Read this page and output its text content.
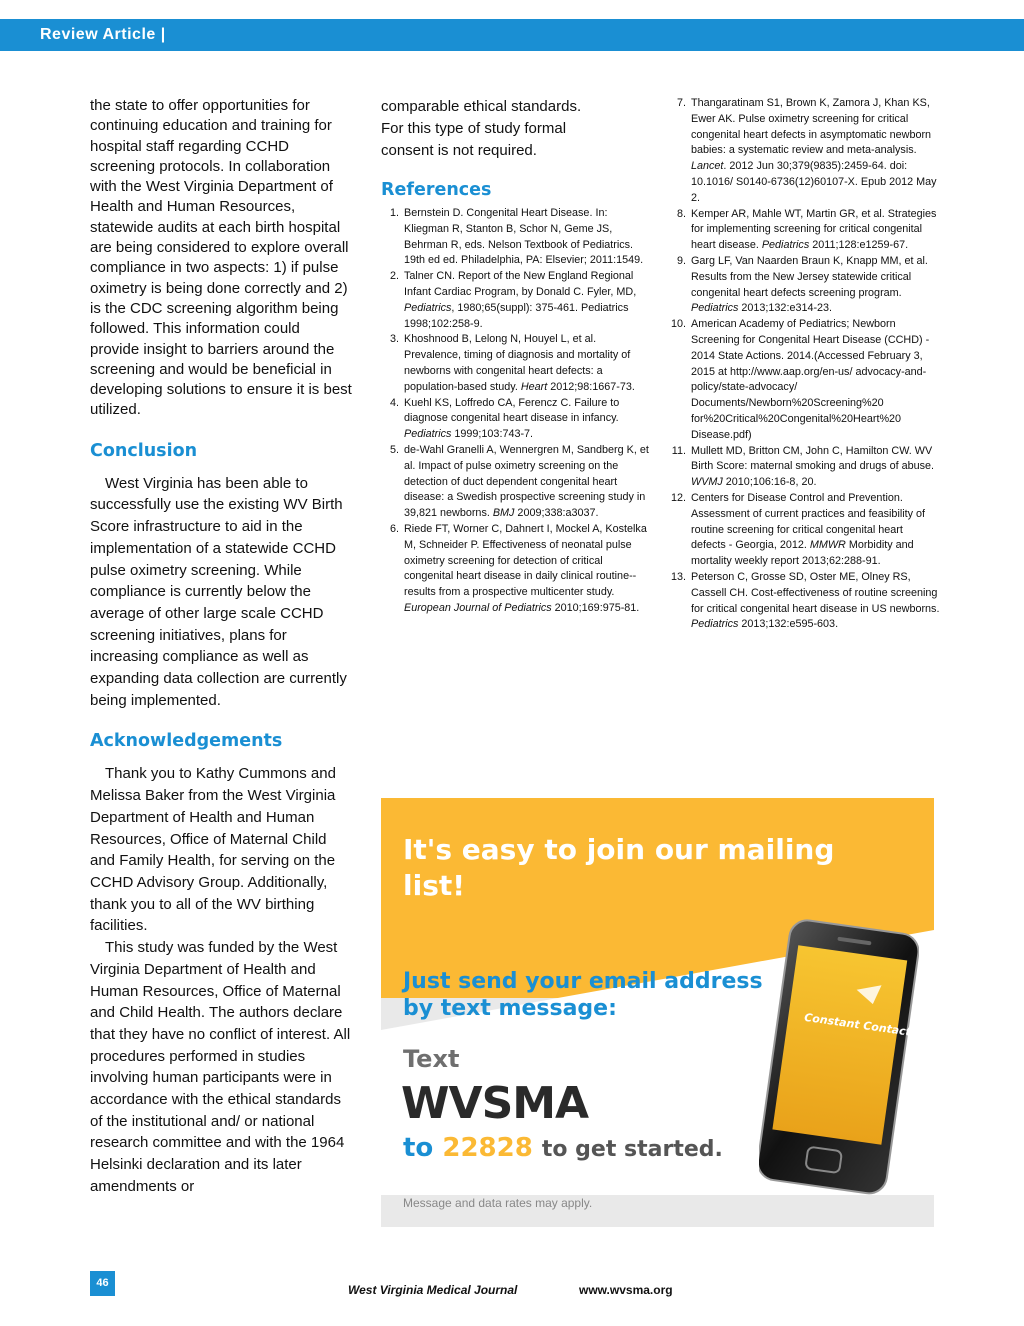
Review Article |

the state to offer opportunities for continuing education and training for hospital staff regarding CCHD screening protocols. In collaboration with the West Virginia Department of Health and Human Resources, statewide audits at each birth hospital are being considered to explore overall compliance in two aspects: 1) if pulse oximetry is being done correctly and 2) is the CDC screening algorithm being followed. This information could provide insight to barriers around the screening and would be beneficial in developing solutions to ensure it is best utilized.

Conclusion

West Virginia has been able to successfully use the existing WV Birth Score infrastructure to aid in the implementation of a statewide CCHD pulse oximetry screening. While compliance is currently below the average of other large scale CCHD screening initiatives, plans for increasing compliance as well as expanding data collection are currently being implemented.

Acknowledgements

Thank you to Kathy Cummons and Melissa Baker from the West Virginia Department of Health and Human Resources, Office of Maternal Child and Family Health, for serving on the CCHD Advisory Group. Additionally, thank you to all of the WV birthing facilities.

This study was funded by the West Virginia Department of Health and Human Resources, Office of Maternal and Child Health. The authors declare that they have no conflict of interest. All procedures performed in studies involving human participants were in accordance with the ethical standards of the institutional and/ or national research committee and with the 1964 Helsinki declaration and its later amendments or

comparable ethical standards. For this type of study formal consent is not required.

References
1. Bernstein D. Congenital Heart Disease. In: Kliegman R, Stanton B, Schor N, Geme JS, Behrman R, eds. Nelson Textbook of Pediatrics. 19th ed ed. Philadelphia, PA: Elsevier; 2011:1549.
2. Talner CN. Report of the New England Regional Infant Cardiac Program, by Donald C. Fyler, MD, Pediatrics, 1980;65(suppl): 375-461. Pediatrics 1998;102:258-9.
3. Khoshnood B, Lelong N, Houyel L, et al. Prevalence, timing of diagnosis and mortality of newborns with congenital heart defects: a population-based study. Heart 2012;98:1667-73.
4. Kuehl KS, Loffredo CA, Ferencz C. Failure to diagnose congenital heart disease in infancy. Pediatrics 1999;103:743-7.
5. de-Wahl Granelli A, Wennergren M, Sandberg K, et al. Impact of pulse oximetry screening on the detection of duct dependent congenital heart disease: a Swedish prospective screening study in 39,821 newborns. BMJ 2009;338:a3037.
6. Riede FT, Worner C, Dahnert I, Mockel A, Kostelka M, Schneider P. Effectiveness of neonatal pulse oximetry screening for detection of critical congenital heart disease in daily clinical routine--results from a prospective multicenter study. European Journal of Pediatrics 2010;169:975-81.
7. Thangaratinam S1, Brown K, Zamora J, Khan KS, Ewer AK. Pulse oximetry screening for critical congenital heart defects in asymptomatic newborn babies: a systematic review and meta-analysis. Lancet. 2012 Jun 30;379(9835):2459-64. doi: 10.1016/ S0140-6736(12)60107-X. Epub 2012 May 2.
8. Kemper AR, Mahle WT, Martin GR, et al. Strategies for implementing screening for critical congenital heart disease. Pediatrics 2011;128:e1259-67.
9. Garg LF, Van Naarden Braun K, Knapp MM, et al. Results from the New Jersey statewide critical congenital heart defects screening program. Pediatrics 2013;132:e314-23.
10. American Academy of Pediatrics; Newborn Screening for Congenital Heart Disease (CCHD) - 2014 State Actions. 2014.(Accessed February 3, 2015 at http://www.aap.org/en-us/ advocacy-and-policy/state-advocacy/ Documents/Newborn%20Screening%20 for%20Critical%20Congenital%20Heart%20 Disease.pdf)
11. Mullett MD, Britton CM, John C, Hamilton CW. WV Birth Score: maternal smoking and drugs of abuse. WVMJ 2010;106:16-8, 20.
12. Centers for Disease Control and Prevention. Assessment of current practices and feasibility of routine screening for critical congenital heart defects - Georgia, 2012. MMWR Morbidity and mortality weekly report 2013;62:288-91.
13. Peterson C, Grosse SD, Oster ME, Olney RS, Cassell CH. Cost-effectiveness of routine screening for critical congenital heart disease in US newborns. Pediatrics 2013;132:e595-603.
It's easy to join our mailing list!
Just send your email address by text message:
Text
WVSMA
to 22828 to get started.
Message and data rates may apply.
Constant Contact
46	West Virginia Medical Journal	www.wvsma.org
